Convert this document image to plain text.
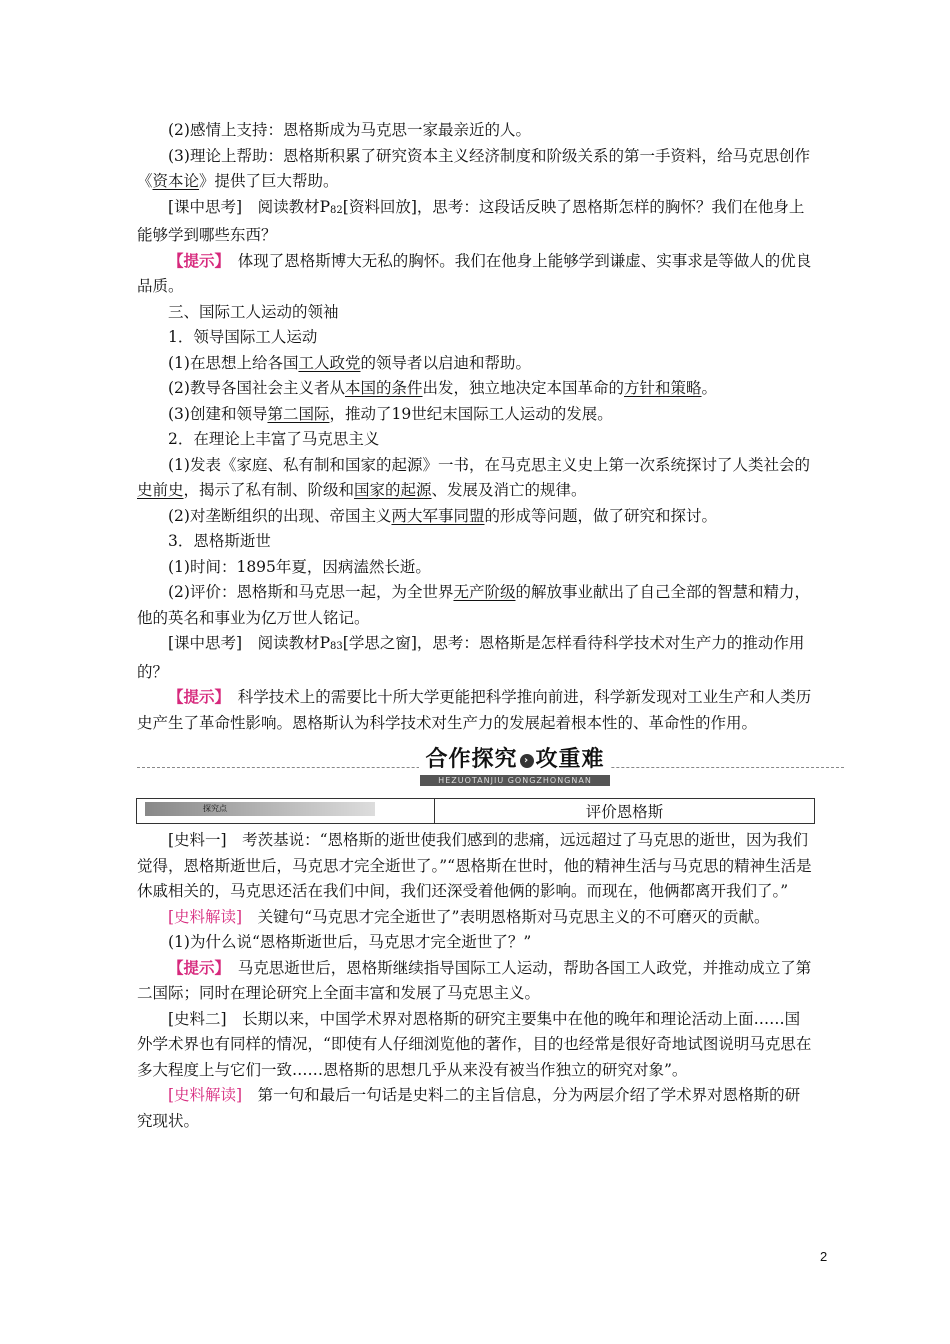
(2)感情上支持：恩格斯成为马克思一家最亲近的人。

(3)理论上帮助：恩格斯积累了研究资本主义经济制度和阶级关系的第一手资料，给马克思创作《资本论》提供了巨大帮助。

[课中思考]　阅读教材$P_{82}$[资料回放]，思考：这段话反映了恩格斯怎样的胸怀？我们在他身上能够学到哪些东西？

【提示】　体现了恩格斯博大无私的胸怀。我们在他身上能够学到谦虚、实事求是等做人的优良品质。

三、国际工人运动的领袖

1．领导国际工人运动

(1)在思想上给各国工人政党的领导者以启迪和帮助。

(2)教导各国社会主义者从本国的条件出发，独立地决定本国革命的方针和策略。

(3)创建和领导第二国际，推动了19世纪末国际工人运动的发展。

2．在理论上丰富了马克思主义

(1)发表《家庭、私有制和国家的起源》一书，在马克思主义史上第一次系统探讨了人类社会的史前史，揭示了私有制、阶级和国家的起源、发展及消亡的规律。

(2)对垄断组织的出现、帝国主义两大军事同盟的形成等问题，做了研究和探讨。

3．恩格斯逝世

(1)时间：1895年夏，因病溘然长逝。

(2)评价：恩格斯和马克思一起，为全世界无产阶级的解放事业献出了自己全部的智慧和精力，他的英名和事业为亿万世人铭记。

[课中思考]　阅读教材$P_{83}$[学思之窗]，思考：恩格斯是怎样看待科学技术对生产力的推动作用的？

【提示】　科学技术上的需要比十所大学更能把科学推向前进，科学新发现对工业生产和人类历史产生了革命性影响。恩格斯认为科学技术对生产力的发展起着根本性的、革命性的作用。

合作探究 › 攻重难
HEZUOTANJIU GONGZHONGNAN
探究点	评价恩格斯

[史料一]　考茨基说：“恩格斯的逝世使我们感到的悲痛，远远超过了马克思的逝世，因为我们觉得，恩格斯逝世后，马克思才完全逝世了。”“恩格斯在世时，他的精神生活与马克思的精神生活是休戚相关的，马克思还活在我们中间，我们还深受着他俩的影响。而现在，他俩都离开我们了。”

[史料解读]　关键句“马克思才完全逝世了”表明恩格斯对马克思主义的不可磨灭的贡献。

(1)为什么说“恩格斯逝世后，马克思才完全逝世了？”

【提示】　马克思逝世后，恩格斯继续指导国际工人运动，帮助各国工人政党，并推动成立了第二国际；同时在理论研究上全面丰富和发展了马克思主义。

[史料二]　长期以来，中国学术界对恩格斯的研究主要集中在他的晚年和理论活动上面……国外学术界也有同样的情况，“即使有人仔细浏览他的著作，目的也经常是很好奇地试图说明马克思在多大程度上与它们一致……恩格斯的思想几乎从来没有被当作独立的研究对象”。

[史料解读]　第一句和最后一句话是史料二的主旨信息，分为两层介绍了学术界对恩格斯的研究现状。

2
